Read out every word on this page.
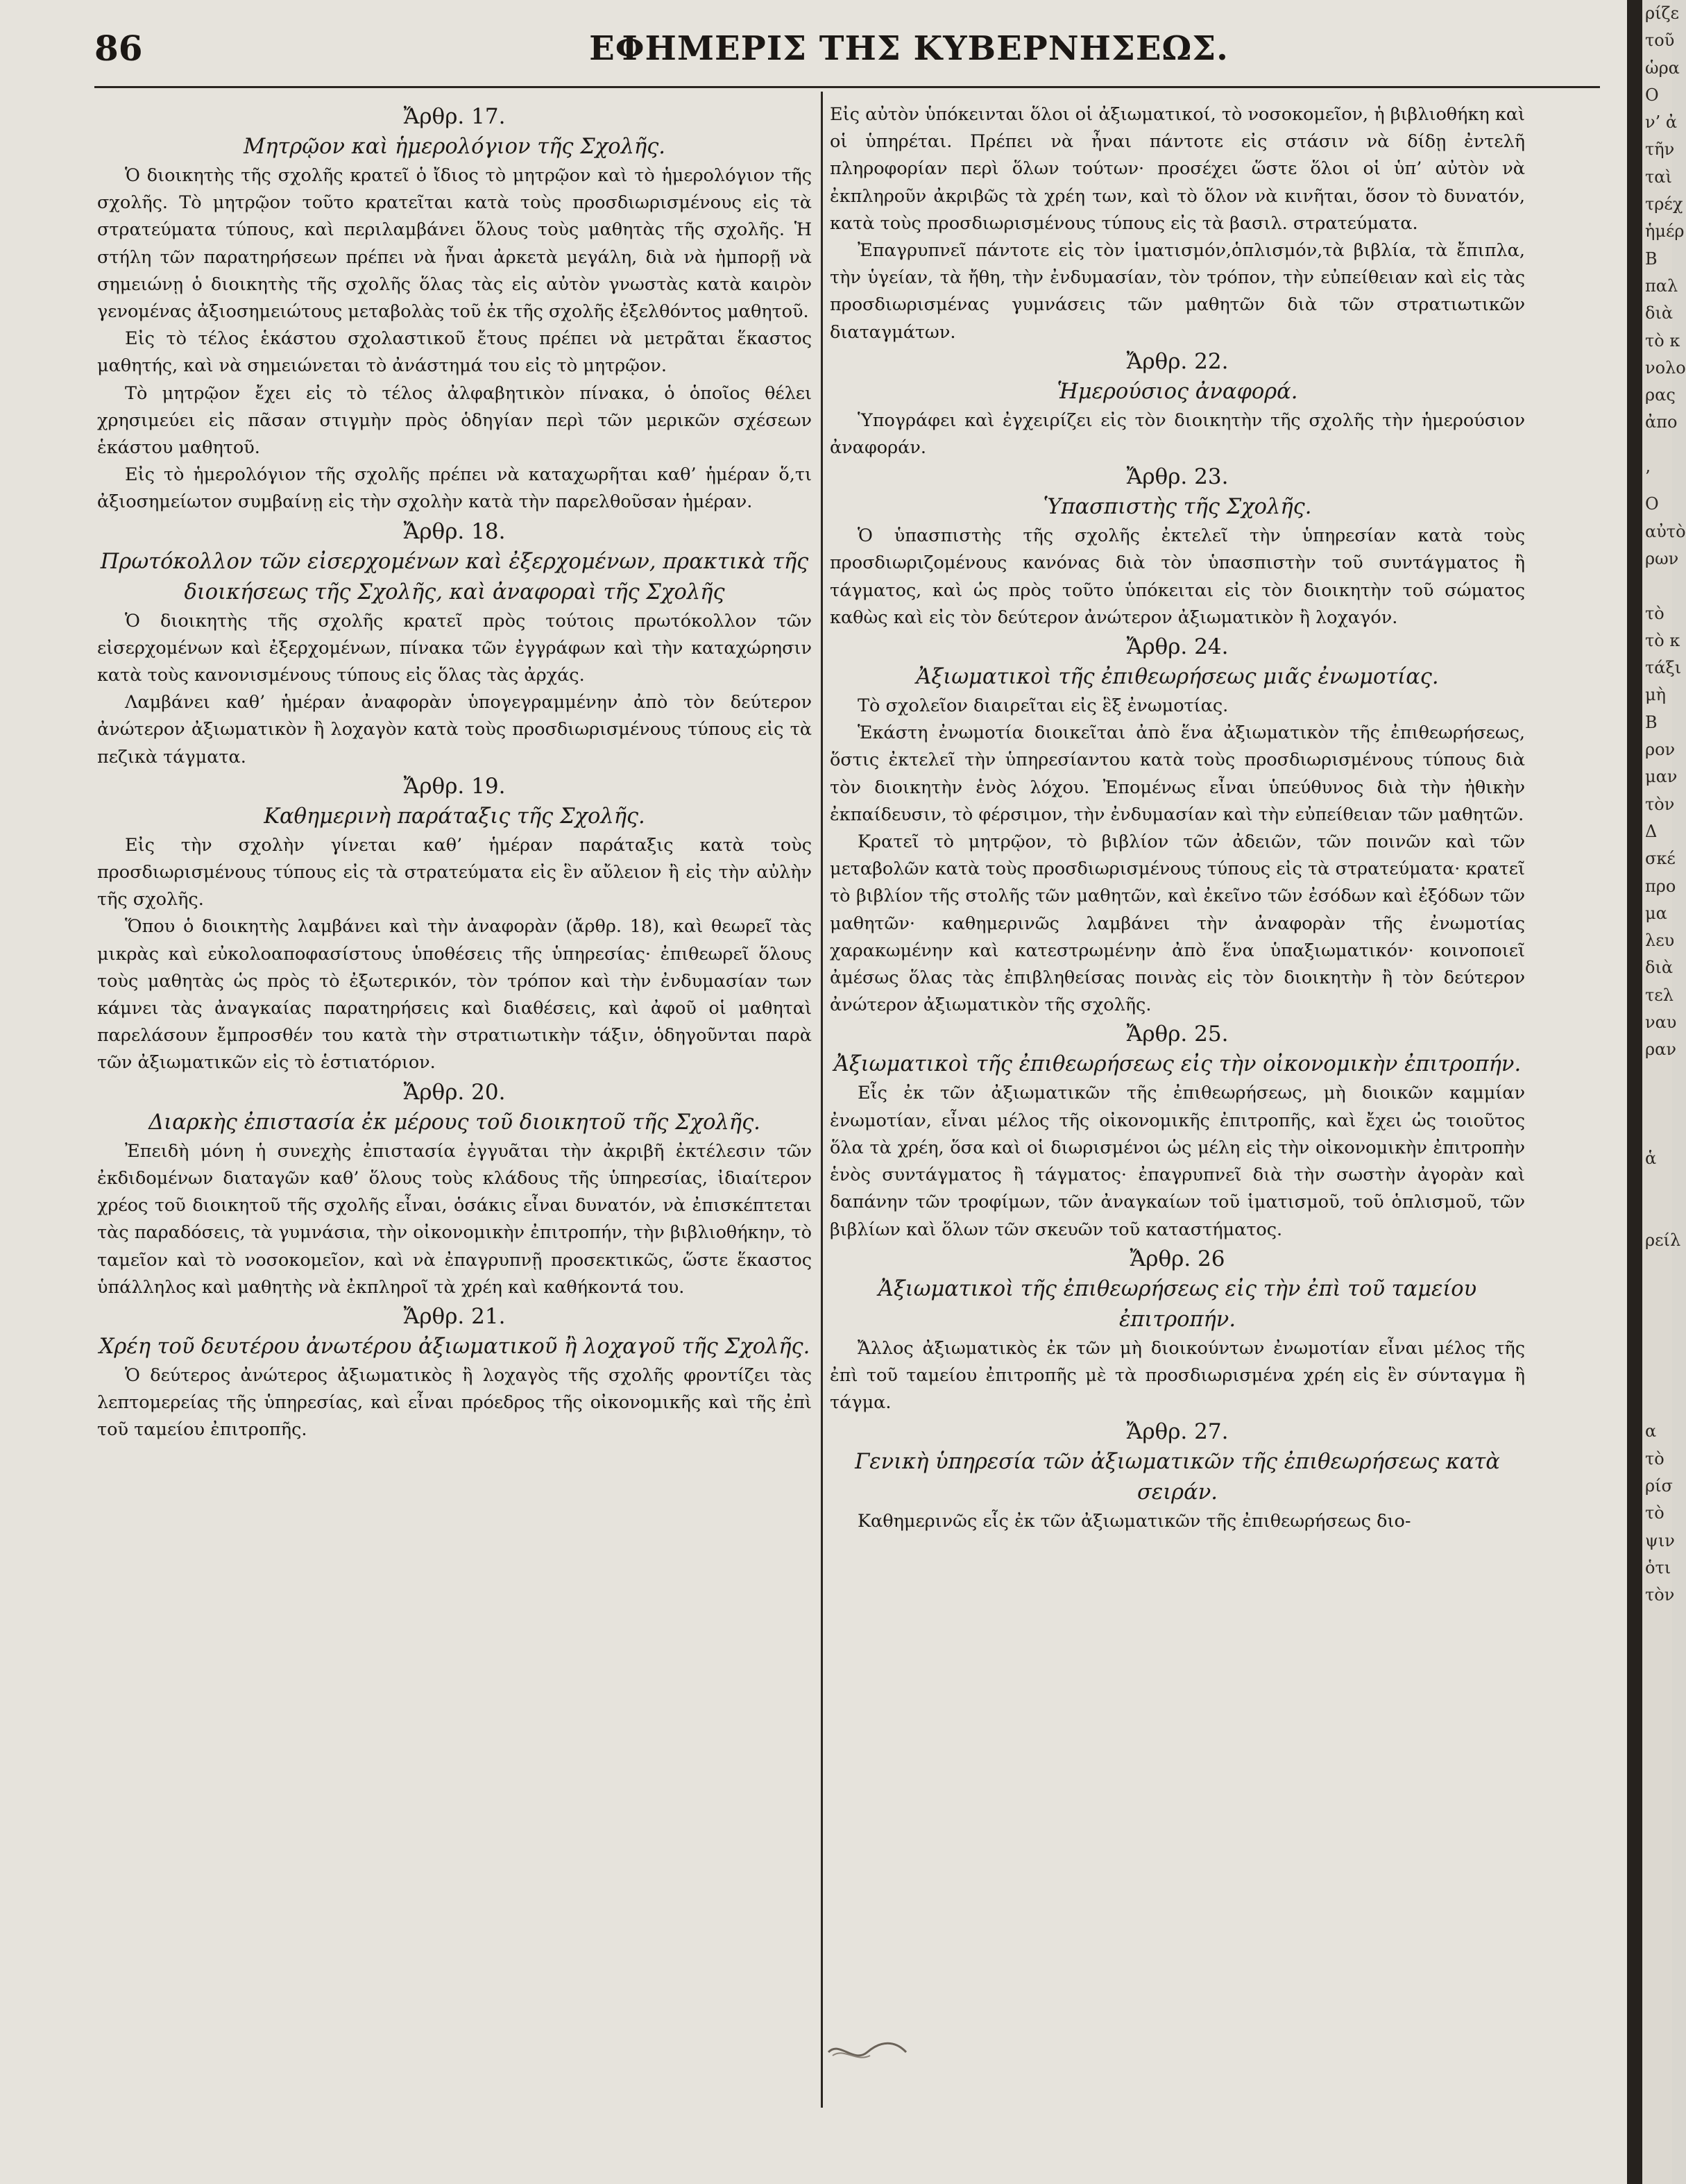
86	ΕΦΗΜΕΡΙΣ ΤΗΣ ΚΥΒΕΡΝΗΣΕΩΣ.
Ἄρθρ. 17.
Μητρῷον καὶ ἡμερολόγιον τῆς Σχολῆς.
Ὁ διοικητὴς τῆς σχολῆς κρατεῖ ὁ ἴδιος τὸ μητρῷον καὶ τὸ ἡμερολόγιον τῆς σχολῆς. Τὸ μητρῷον τοῦτο κρατεῖται κατὰ τοὺς προσδιωρισμένους εἰς τὰ στρατεύματα τύπους, καὶ περιλαμβάνει ὅλους τοὺς μαθητὰς τῆς σχολῆς. Ἡ στήλη τῶν παρατηρήσεων πρέπει νὰ ἦναι ἀρκετὰ μεγάλη, διὰ νὰ ἠμπορῇ νὰ σημειώνῃ ὁ διοικητὴς τῆς σχολῆς ὅλας τὰς εἰς αὐτὸν γνωστὰς κατὰ καιρὸν γενομένας ἀξιοσημειώτους μεταβολὰς τοῦ ἐκ τῆς σχολῆς ἐξελθόντος μαθητοῦ.
Εἰς τὸ τέλος ἑκάστου σχολαστικοῦ ἔτους πρέπει νὰ μετρᾶται ἕκαστος μαθητής, καὶ νὰ σημειώνεται τὸ ἀνάστημά του εἰς τὸ μητρῷον.
Τὸ μητρῷον ἔχει εἰς τὸ τέλος ἀλφαβητικὸν πίνακα, ὁ ὁποῖος θέλει χρησιμεύει εἰς πᾶσαν στιγμὴν πρὸς ὁδηγίαν περὶ τῶν μερικῶν σχέσεων ἑκάστου μαθητοῦ.
Εἰς τὸ ἡμερολόγιον τῆς σχολῆς πρέπει νὰ καταχωρῆται καθ’ ἡμέραν ὅ,τι ἀξιοσημείωτον συμβαίνῃ εἰς τὴν σχολὴν κατὰ τὴν παρελθοῦσαν ἡμέραν.
Ἄρθρ. 18.
Πρωτόκολλον τῶν εἰσερχομένων καὶ ἐξερχομένων, πρακτικὰ τῆς διοικήσεως τῆς Σχολῆς, καὶ ἀναφοραὶ τῆς Σχολῆς
Ὁ διοικητὴς τῆς σχολῆς κρατεῖ πρὸς τούτοις πρωτόκολλον τῶν εἰσερχομένων καὶ ἐξερχομένων, πίνακα τῶν ἐγγράφων καὶ τὴν καταχώρησιν κατὰ τοὺς κανονισμένους τύπους εἰς ὅλας τὰς ἀρχάς.
Λαμβάνει καθ’ ἡμέραν ἀναφορὰν ὑπογεγραμμένην ἀπὸ τὸν δεύτερον ἀνώτερον ἀξιωματικὸν ἢ λοχαγὸν κατὰ τοὺς προσδιωρισμένους τύπους εἰς τὰ πεζικὰ τάγματα.
Ἄρθρ. 19.
Καθημερινὴ παράταξις τῆς Σχολῆς.
Εἰς τὴν σχολὴν γίνεται καθ’ ἡμέραν παράταξις κατὰ τοὺς προσδιωρισμένους τύπους εἰς τὰ στρατεύματα εἰς ἓν αὔλειον ἢ εἰς τὴν αὐλὴν τῆς σχολῆς.
Ὅπου ὁ διοικητὴς λαμβάνει καὶ τὴν ἀναφορὰν (ἄρθρ. 18), καὶ θεωρεῖ τὰς μικρὰς καὶ εὐκολοαποφασίστους ὑποθέσεις τῆς ὑπηρεσίας· ἐπιθεωρεῖ ὅλους τοὺς μαθητὰς ὡς πρὸς τὸ ἐξωτερικόν, τὸν τρόπον καὶ τὴν ἐνδυμασίαν των κάμνει τὰς ἀναγκαίας παρατηρήσεις καὶ διαθέσεις, καὶ ἀφοῦ οἱ μαθηταὶ παρελάσουν ἔμπροσθέν του κατὰ τὴν στρατιωτικὴν τάξιν, ὁδηγοῦνται παρὰ τῶν ἀξιωματικῶν εἰς τὸ ἑστιατόριον.
Ἄρθρ. 20.
Διαρκὴς ἐπιστασία ἐκ μέρους τοῦ διοικητοῦ τῆς Σχολῆς.
Ἐπειδὴ μόνη ἡ συνεχὴς ἐπιστασία ἐγγυᾶται τὴν ἀκριβῆ ἐκτέλεσιν τῶν ἐκδιδομένων διαταγῶν καθ’ ὅλους τοὺς κλάδους τῆς ὑπηρεσίας, ἰδιαίτερον χρέος τοῦ διοικητοῦ τῆς σχολῆς εἶναι, ὁσάκις εἶναι δυνατόν, νὰ ἐπισκέπτεται τὰς παραδόσεις, τὰ γυμνάσια, τὴν οἰκονομικὴν ἐπιτροπήν, τὴν βιβλιοθήκην, τὸ ταμεῖον καὶ τὸ νοσοκομεῖον, καὶ νὰ ἐπαγρυπνῇ προσεκτικῶς, ὥστε ἕκαστος ὑπάλληλος καὶ μαθητὴς νὰ ἐκπληροῖ τὰ χρέη καὶ καθήκοντά του.
Ἄρθρ. 21.
Χρέη τοῦ δευτέρου ἀνωτέρου ἀξιωματικοῦ ἢ λοχαγοῦ τῆς Σχολῆς.
Ὁ δεύτερος ἀνώτερος ἀξιωματικὸς ἢ λοχαγὸς τῆς σχολῆς φροντίζει τὰς λεπτομερείας τῆς ὑπηρεσίας, καὶ εἶναι πρόεδρος τῆς οἰκονομικῆς καὶ τῆς ἐπὶ τοῦ ταμείου ἐπιτροπῆς.
Εἰς αὐτὸν ὑπόκεινται ὅλοι οἱ ἀξιωματικοί, τὸ νοσοκομεῖον, ἡ βιβλιοθήκη καὶ οἱ ὑπηρέται. Πρέπει νὰ ἦναι πάντοτε εἰς στάσιν νὰ δίδῃ ἐντελῆ πληροφορίαν περὶ ὅλων τούτων· προσέχει ὥστε ὅλοι οἱ ὑπ’ αὐτὸν νὰ ἐκπληροῦν ἀκριβῶς τὰ χρέη των, καὶ τὸ ὅλον νὰ κινῆται, ὅσον τὸ δυνατόν, κατὰ τοὺς προσδιωρισμένους τύπους εἰς τὰ βασιλ. στρατεύματα.
Ἐπαγρυπνεῖ πάντοτε εἰς τὸν ἱματισμόν,ὁπλισμόν,τὰ βιβλία, τὰ ἔπιπλα, τὴν ὑγείαν, τὰ ἤθη, τὴν ἐνδυμασίαν, τὸν τρόπον, τὴν εὐπείθειαν καὶ εἰς τὰς προσδιωρισμένας γυμνάσεις τῶν μαθητῶν διὰ τῶν στρατιωτικῶν διαταγμάτων.
Ἄρθρ. 22.
Ἡμερούσιος ἀναφορά.
Ὑπογράφει καὶ ἐγχειρίζει εἰς τὸν διοικητὴν τῆς σχολῆς τὴν ἡμερούσιον ἀναφοράν.
Ἄρθρ. 23.
Ὑπασπιστὴς τῆς Σχολῆς.
Ὁ ὑπασπιστὴς τῆς σχολῆς ἐκτελεῖ τὴν ὑπηρεσίαν κατὰ τοὺς προσδιωριζομένους κανόνας διὰ τὸν ὑπασπιστὴν τοῦ συντάγματος ἢ τάγματος, καὶ ὡς πρὸς τοῦτο ὑπόκειται εἰς τὸν διοικητὴν τοῦ σώματος καθὼς καὶ εἰς τὸν δεύτερον ἀνώτερον ἀξιωματικὸν ἢ λοχαγόν.
Ἄρθρ. 24.
Ἀξιωματικοὶ τῆς ἐπιθεωρήσεως μιᾶς ἐνωμοτίας.
Τὸ σχολεῖον διαιρεῖται εἰς ἓξ ἐνωμοτίας.
Ἑκάστη ἐνωμοτία διοικεῖται ἀπὸ ἕνα ἀξιωματικὸν τῆς ἐπιθεωρήσεως, ὅστις ἐκτελεῖ τὴν ὑπηρεσίαντου κατὰ τοὺς προσδιωρισμένους τύπους διὰ τὸν διοικητὴν ἑνὸς λόχου. Ἐπομένως εἶναι ὑπεύθυνος διὰ τὴν ἠθικὴν ἐκπαίδευσιν, τὸ φέρσιμον, τὴν ἐνδυμασίαν καὶ τὴν εὐπείθειαν τῶν μαθητῶν.
Κρατεῖ τὸ μητρῷον, τὸ βιβλίον τῶν ἀδειῶν, τῶν ποινῶν καὶ τῶν μεταβολῶν κατὰ τοὺς προσδιωρισμένους τύπους εἰς τὰ στρατεύματα· κρατεῖ τὸ βιβλίον τῆς στολῆς τῶν μαθητῶν, καὶ ἐκεῖνο τῶν ἐσόδων καὶ ἐξόδων τῶν μαθητῶν· καθημερινῶς λαμβάνει τὴν ἀναφορὰν τῆς ἐνωμοτίας χαρακωμένην καὶ κατεστρωμένην ἀπὸ ἕνα ὑπαξιωματικόν· κοινοποιεῖ ἀμέσως ὅλας τὰς ἐπιβληθείσας ποινὰς εἰς τὸν διοικητὴν ἢ τὸν δεύτερον ἀνώτερον ἀξιωματικὸν τῆς σχολῆς.
Ἄρθρ. 25.
Ἀξιωματικοὶ τῆς ἐπιθεωρήσεως εἰς τὴν οἰκονομικὴν ἐπιτροπήν.
Εἷς ἐκ τῶν ἀξιωματικῶν τῆς ἐπιθεωρήσεως, μὴ διοικῶν καμμίαν ἐνωμοτίαν, εἶναι μέλος τῆς οἰκονομικῆς ἐπιτροπῆς, καὶ ἔχει ὡς τοιοῦτος ὅλα τὰ χρέη, ὅσα καὶ οἱ διωρισμένοι ὡς μέλη εἰς τὴν οἰκονομικὴν ἐπιτροπὴν ἑνὸς συντάγματος ἢ τάγματος· ἐπαγρυπνεῖ διὰ τὴν σωστὴν ἀγορὰν καὶ δαπάνην τῶν τροφίμων, τῶν ἀναγκαίων τοῦ ἱματισμοῦ, τοῦ ὁπλισμοῦ, τῶν βιβλίων καὶ ὅλων τῶν σκευῶν τοῦ καταστήματος.
Ἄρθρ. 26
Ἀξιωματικοὶ τῆς ἐπιθεωρήσεως εἰς τὴν ἐπὶ τοῦ ταμείου ἐπιτροπήν.
Ἄλλος ἀξιωματικὸς ἐκ τῶν μὴ διοικούντων ἐνωμοτίαν εἶναι μέλος τῆς ἐπὶ τοῦ ταμείου ἐπιτροπῆς μὲ τὰ προσδιωρισμένα χρέη εἰς ἓν σύνταγμα ἢ τάγμα.
Ἄρθρ. 27.
Γενικὴ ὑπηρεσία τῶν ἀξιωματικῶν τῆς ἐπιθεωρήσεως κατὰ σειράν.
Καθημερινῶς εἷς ἐκ τῶν ἀξιωματικῶν τῆς ἐπιθεωρήσεως διο-
ρίζε
τοῦ
ὡρα
Ο
ν’ ἀ
τῆν
ταὶ
τρέχ
ἡμέρ
Β
παλ
διὰ
τὸ κ
νολο
ρας
ἀπο

’
Ο
αὐτὸ
ρων

τὸ
τὸ κ
τάξι
μὴ
Β
ρον
μαν
τὸν
Δ
σκέ
προ
μα
λευ
διὰ
τελ
ναυ
ραν

ἁ

ρείλ

α
τὸ
ρίσ
τὸ
ψιν
ὁτι
τὸν
